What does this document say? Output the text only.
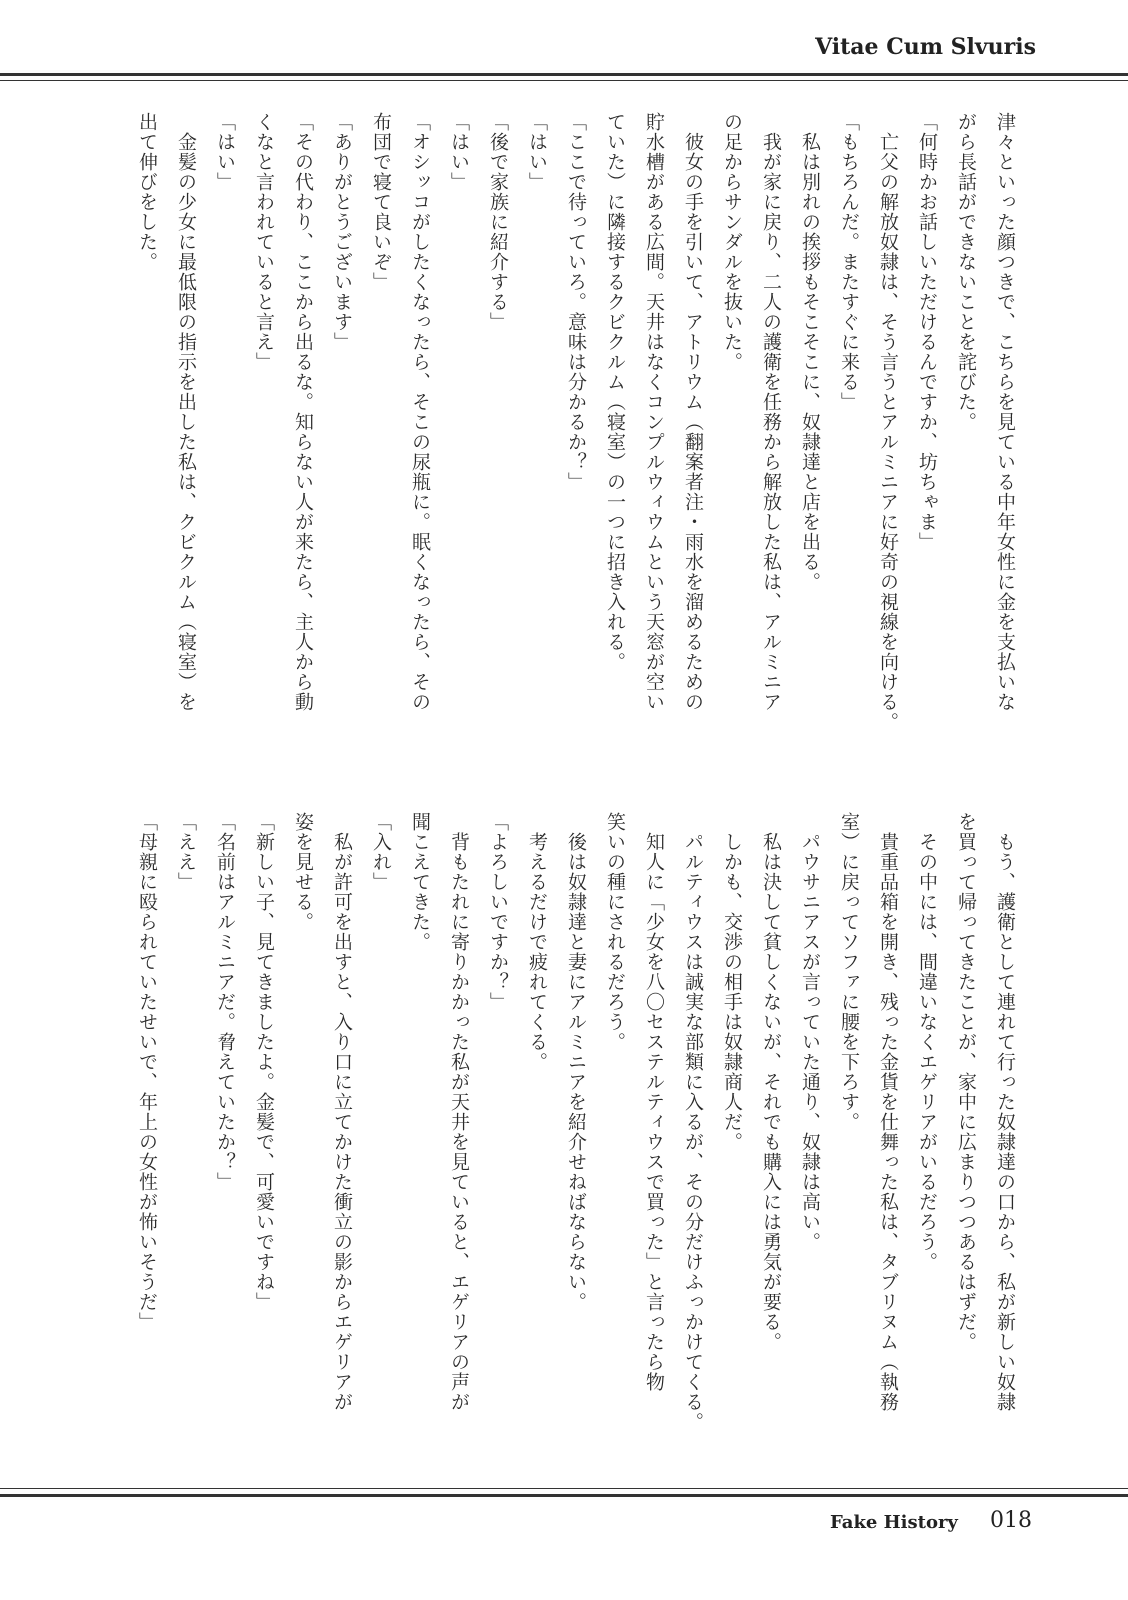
Vitae Cum Slvuris
津々といった顔つきで、こちらを見ている中年女性に金を支払いな
がら長話ができないことを詫びた。
「何時かお話しいただけるんですか、坊ちゃま」
　亡父の解放奴隷は、そう言うとアルミニアに好奇の視線を向ける。
「もちろんだ。またすぐに来る」
　私は別れの挨拶もそこそこに、奴隷達と店を出る。
　我が家に戻り、二人の護衛を任務から解放した私は、アルミニア
の足からサンダルを抜いた。
　彼女の手を引いて、アトリウム（翻案者注・雨水を溜めるための
貯水槽がある広間。天井はなくコンプルウィウムという天窓が空い
ていた）に隣接するクビクルム（寝室）の一つに招き入れる。
「ここで待っていろ。意味は分かるか？」
「はい」
「後で家族に紹介する」
「はい」
「オシッコがしたくなったら、そこの尿瓶に。眠くなったら、その
布団で寝て良いぞ」
「ありがとうございます」
「その代わり、ここから出るな。知らない人が来たら、主人から動
くなと言われていると言え」
「はい」
　金髪の少女に最低限の指示を出した私は、クビクルム（寝室）を
出て伸びをした。
　もう、護衛として連れて行った奴隷達の口から、私が新しい奴隷
を買って帰ってきたことが、家中に広まりつつあるはずだ。
　その中には、間違いなくエゲリアがいるだろう。
　貴重品箱を開き、残った金貨を仕舞った私は、タブリヌム（執務
室）に戻ってソファに腰を下ろす。
　パウサニアスが言っていた通り、奴隷は高い。
　私は決して貧しくないが、それでも購入には勇気が要る。
　しかも、交渉の相手は奴隷商人だ。
　パルティウスは誠実な部類に入るが、その分だけふっかけてくる。
　知人に「少女を八〇セステルティウスで買った」と言ったら物
笑いの種にされるだろう。
　後は奴隷達と妻にアルミニアを紹介せねばならない。
　考えるだけで疲れてくる。
「よろしいですか？」
　背もたれに寄りかかった私が天井を見ていると、エゲリアの声が
聞こえてきた。
「入れ」
　私が許可を出すと、入り口に立てかけた衝立の影からエゲリアが
姿を見せる。
「新しい子、見てきましたよ。金髪で、可愛いですね」
「名前はアルミニアだ。脅えていたか？」
「ええ」
「母親に殴られていたせいで、年上の女性が怖いそうだ」
Fake History 018
